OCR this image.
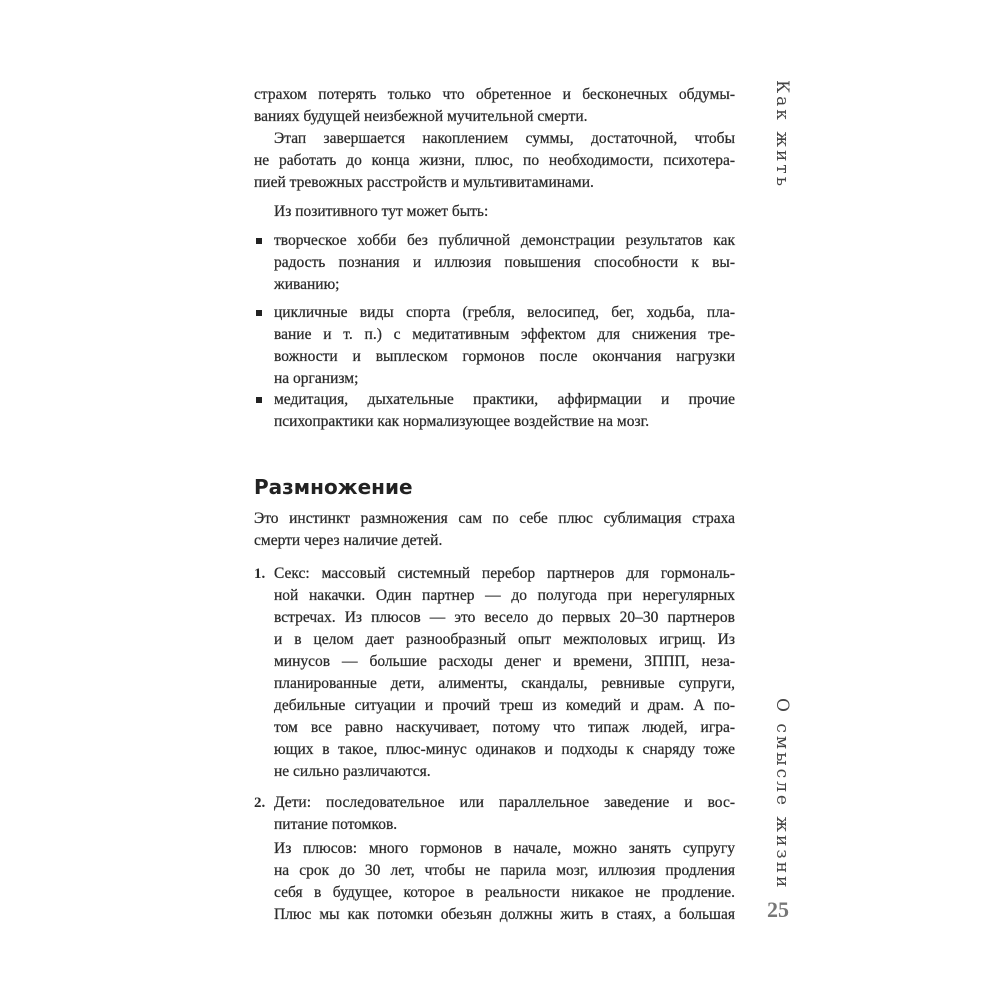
страхом потерять только что обретенное и бесконечных обдумы-
ваниях будущей неизбежной мучительной смерти.
Этап завершается накоплением суммы, достаточной, чтобы
не работать до конца жизни, плюс, по необходимости, психотера-
пией тревожных расстройств и мультивитаминами.
Из позитивного тут может быть:
творческое хобби без публичной демонстрации результатов как
радость познания и иллюзия повышения способности к вы-
живанию;
цикличные виды спорта (гребля, велосипед, бег, ходьба, пла-
вание и т. п.) с медитативным эффектом для снижения тре-
вожности и выплеском гормонов после окончания нагрузки
на организм;
медитация, дыхательные практики, аффирмации и прочие
психопрактики как нормализующее воздействие на мозг.
Размножение
Это инстинкт размножения сам по себе плюс сублимация страха
смерти через наличие детей.
1. Секс: массовый системный перебор партнеров для гормональ-
ной накачки. Один партнер — до полугода при нерегулярных
встречах. Из плюсов — это весело до первых 20–30 партнеров
и в целом дает разнообразный опыт межполовых игрищ. Из
минусов — большие расходы денег и времени, ЗППП, неза-
планированные дети, алименты, скандалы, ревнивые супруги,
дебильные ситуации и прочий треш из комедий и драм. А по-
том все равно наскучивает, потому что типаж людей, игра-
ющих в такое, плюс-минус одинаков и подходы к снаряду тоже
не сильно различаются.
2. Дети: последовательное или параллельное заведение и вос-
питание потомков.
Из плюсов: много гормонов в начале, можно занять супругу
на срок до 30 лет, чтобы не парила мозг, иллюзия продления
себя в будущее, которое в реальности никакое не продление.
Плюс мы как потомки обезьян должны жить в стаях, а большая
Как жить
О смысле жизни
25
